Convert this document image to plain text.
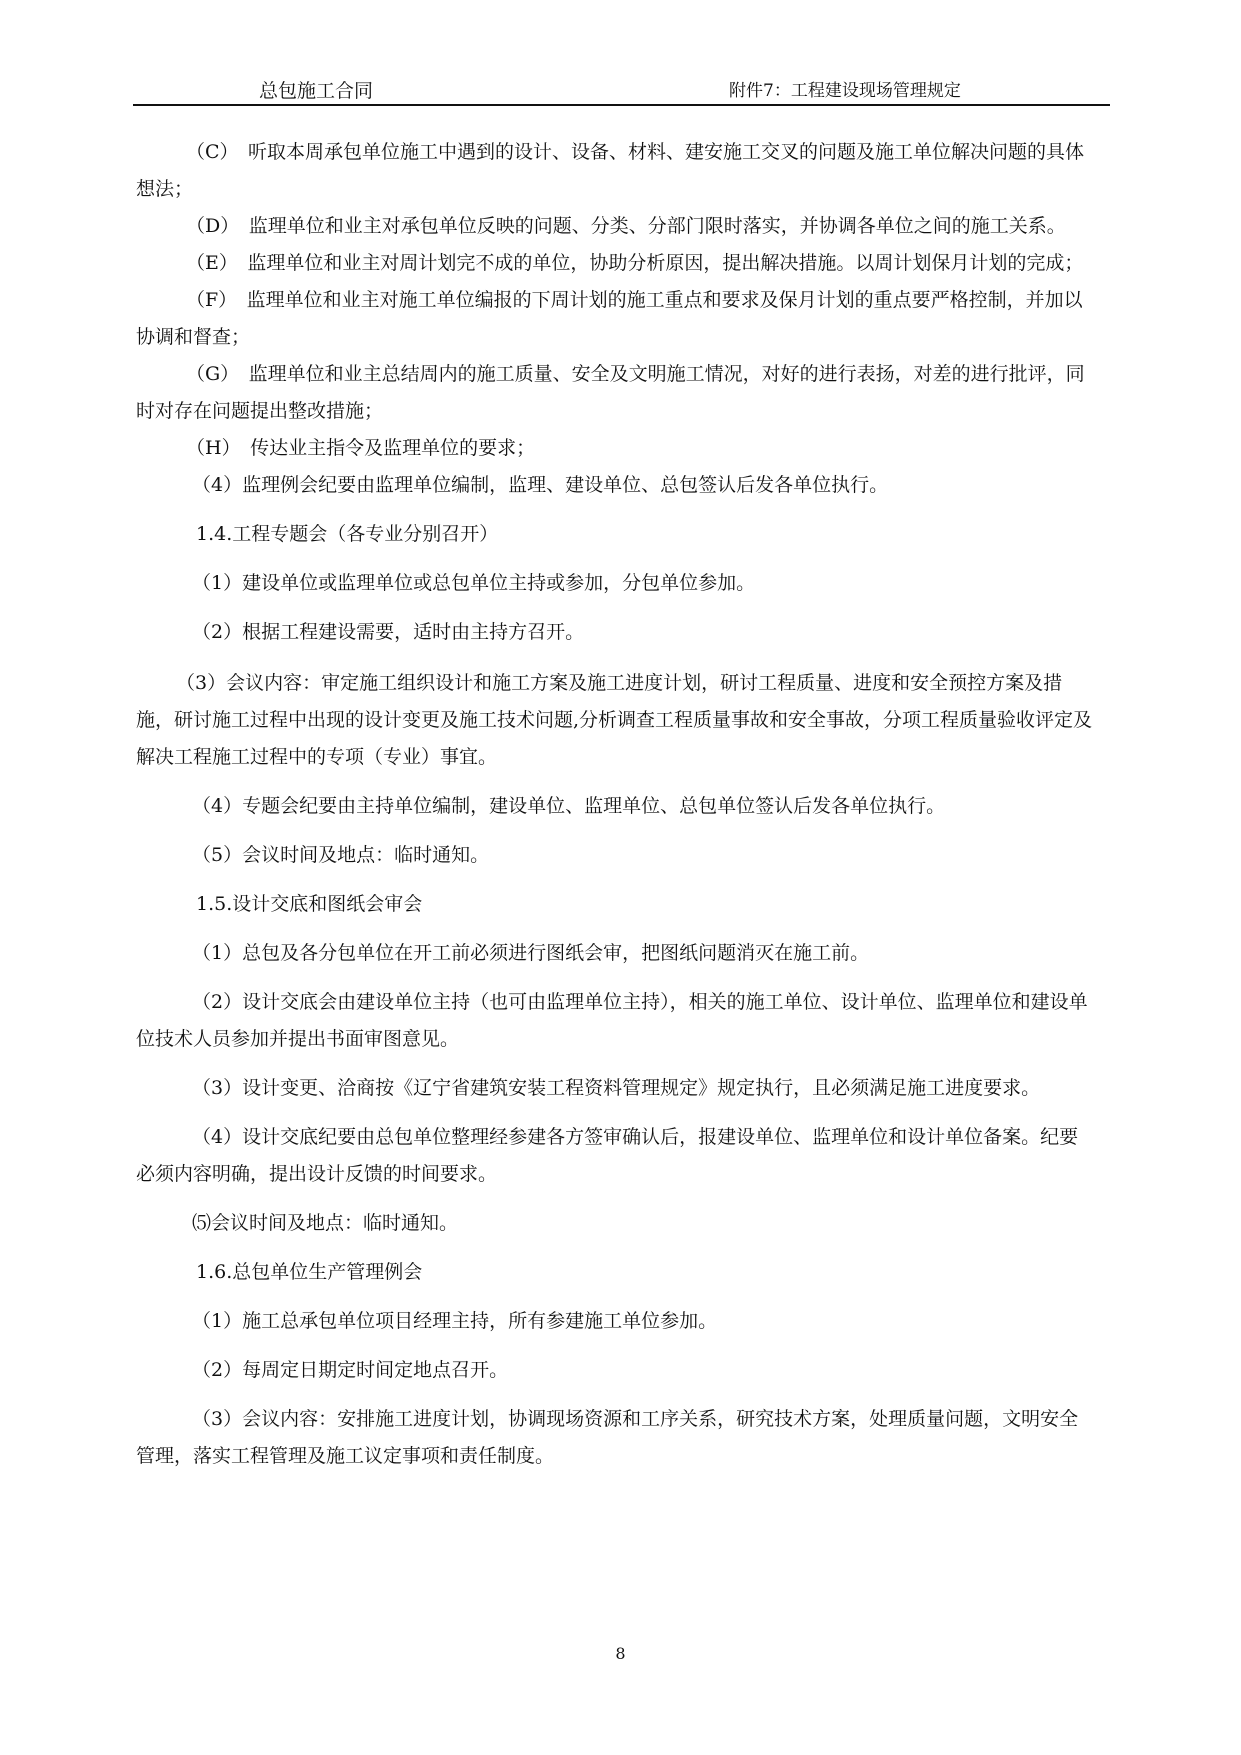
总包施工合同	附件7：工程建设现场管理规定

（C）　听取本周承包单位施工中遇到的设计、设备、材料、建安施工交叉的问题及施工单位解决问题的具体想法；

（D）　监理单位和业主对承包单位反映的问题、分类、分部门限时落实，并协调各单位之间的施工关系。

（E）　监理单位和业主对周计划完不成的单位，协助分析原因，提出解决措施。以周计划保月计划的完成；

（F）　监理单位和业主对施工单位编报的下周计划的施工重点和要求及保月计划的重点要严格控制，并加以协调和督查；

（G）　监理单位和业主总结周内的施工质量、安全及文明施工情况，对好的进行表扬，对差的进行批评，同时对存在问题提出整改措施；

（H）　传达业主指令及监理单位的要求；

（4）监理例会纪要由监理单位编制，监理、建设单位、总包签认后发各单位执行。

1.4.工程专题会（各专业分别召开）

（1）建设单位或监理单位或总包单位主持或参加，分包单位参加。

（2）根据工程建设需要，适时由主持方召开。

（3）会议内容：审定施工组织设计和施工方案及施工进度计划，研讨工程质量、进度和安全预控方案及措施，研讨施工过程中出现的设计变更及施工技术问题,分析调查工程质量事故和安全事故，分项工程质量验收评定及解决工程施工过程中的专项（专业）事宜。

（4）专题会纪要由主持单位编制，建设单位、监理单位、总包单位签认后发各单位执行。

（5）会议时间及地点：临时通知。

1.5.设计交底和图纸会审会

（1）总包及各分包单位在开工前必须进行图纸会审，把图纸问题消灭在施工前。

（2）设计交底会由建设单位主持（也可由监理单位主持），相关的施工单位、设计单位、监理单位和建设单位技术人员参加并提出书面审图意见。

（3）设计变更、洽商按《辽宁省建筑安装工程资料管理规定》规定执行，且必须满足施工进度要求。

（4）设计交底纪要由总包单位整理经参建各方签审确认后，报建设单位、监理单位和设计单位备案。纪要必须内容明确，提出设计反馈的时间要求。

⑸会议时间及地点：临时通知。

1.6.总包单位生产管理例会

（1）施工总承包单位项目经理主持，所有参建施工单位参加。

（2）每周定日期定时间定地点召开。

（3）会议内容：安排施工进度计划，协调现场资源和工序关系，研究技术方案，处理质量问题，文明安全管理，落实工程管理及施工议定事项和责任制度。

8
